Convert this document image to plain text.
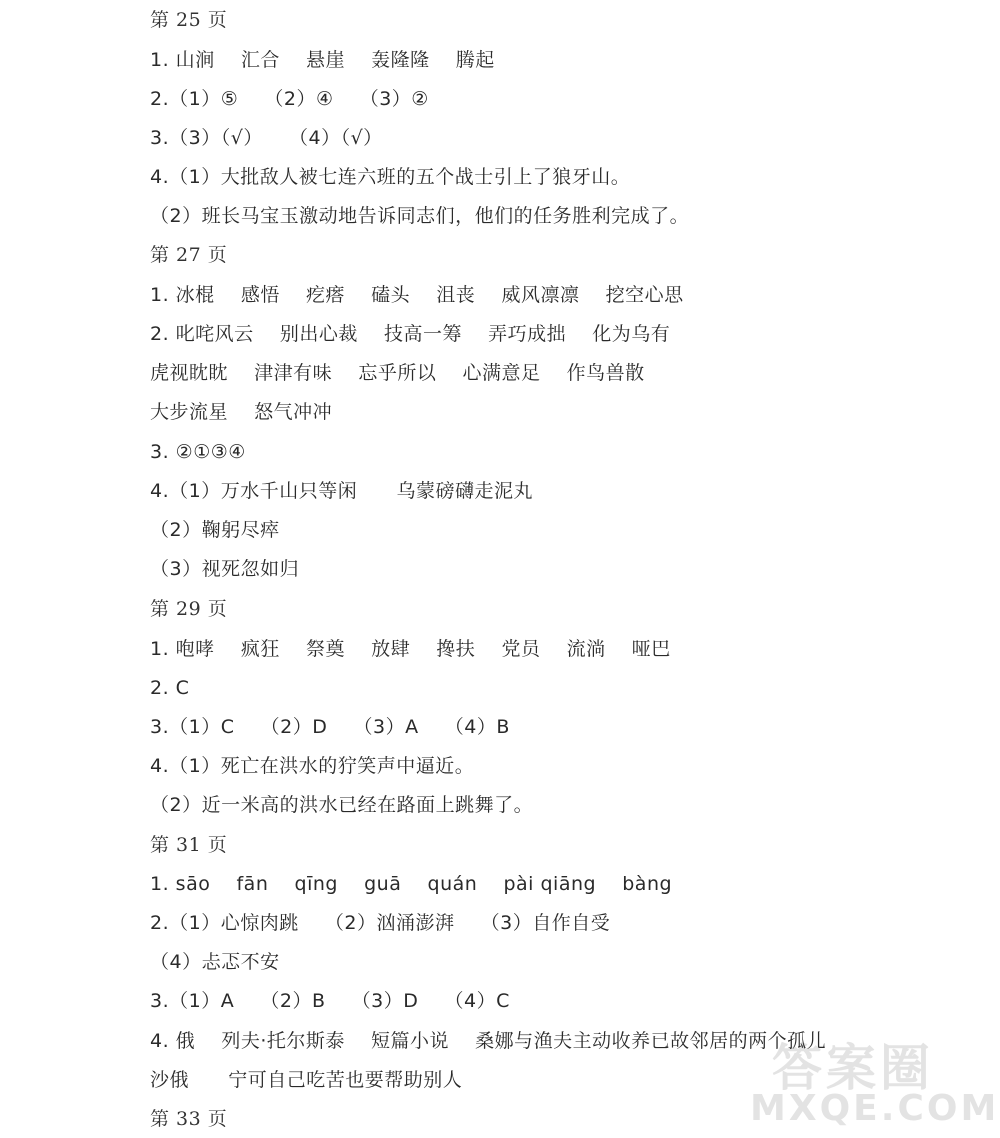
第 25 页
1. 山涧    汇合    悬崖    轰隆隆    腾起
2.（1）⑤    （2）④    （3）②
3.（3）（√）    （4）（√）
4.（1）大批敌人被七连六班的五个战士引上了狼牙山。
（2）班长马宝玉激动地告诉同志们，他们的任务胜利完成了。
第 27 页
1. 冰棍    感悟    疙瘩    磕头    沮丧    威风凛凛    挖空心思
2. 叱咤风云    别出心裁    技高一筹    弄巧成拙    化为乌有
虎视眈眈    津津有味    忘乎所以    心满意足    作鸟兽散
大步流星    怒气冲冲
3. ②①③④
4.（1）万水千山只等闲      乌蒙磅礴走泥丸
（2）鞠躬尽瘁
（3）视死忽如归
第 29 页
1. 咆哮    疯狂    祭奠    放肆    搀扶    党员    流淌    哑巴
2. C
3.（1）C    （2）D    （3）A    （4）B
4.（1）死亡在洪水的狞笑声中逼近。
（2）近一米高的洪水已经在路面上跳舞了。
第 31 页
1. sāo    fān    qīng    guā    quán    pài qiāng    bàng
2.（1）心惊肉跳    （2）汹涌澎湃    （3）自作自受
（4）忐忑不安
3.（1）A    （2）B    （3）D    （4）C
4. 俄    列夫·托尔斯泰    短篇小说    桑娜与渔夫主动收养已故邻居的两个孤儿
沙俄      宁可自己吃苦也要帮助别人
第 33 页
答案圈
MXQE.COM
